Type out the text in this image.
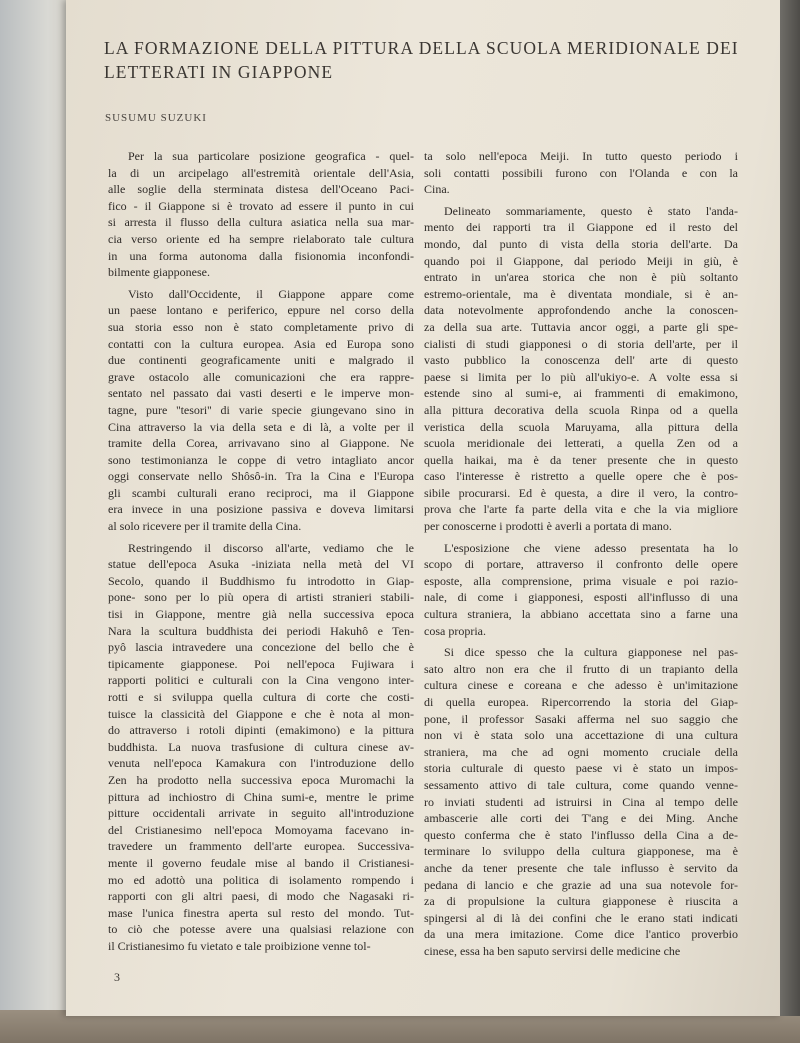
LA FORMAZIONE DELLA PITTURA DELLA SCUOLA MERIDIONALE DEI
LETTERATI IN GIAPPONE
SUSUMU SUZUKI
Per la sua particolare posizione geografica - quel-
la di un arcipelago all'estremità orientale dell'Asia,
alle soglie della sterminata distesa dell'Oceano Paci-
fico - il Giappone si è trovato ad essere il punto in cui
si arresta il flusso della cultura asiatica nella sua mar-
cia verso oriente ed ha sempre rielaborato tale cultura
in una forma autonoma dalla fisionomia inconfondi-
bilmente giapponese.
Visto dall'Occidente, il Giappone appare come
un paese lontano e periferico, eppure nel corso della
sua storia esso non è stato completamente privo di
contatti con la cultura europea. Asia ed Europa sono
due continenti geograficamente uniti e malgrado il
grave ostacolo alle comunicazioni che era rappre-
sentato nel passato dai vasti deserti e le imperve mon-
tagne, pure ''tesori'' di varie specie giungevano sino in
Cina attraverso la via della seta e di là, a volte per il
tramite della Corea, arrivavano sino al Giappone. Ne
sono testimonianza le coppe di vetro intagliato ancor
oggi conservate nello Shôsô-in. Tra la Cina e l'Europa
gli scambi culturali erano reciproci, ma il Giappone
era invece in una posizione passiva e doveva limitarsi
al solo ricevere per il tramite della Cina.
Restringendo il discorso all'arte, vediamo che le
statue dell'epoca Asuka -iniziata nella metà del VI
Secolo, quando il Buddhismo fu introdotto in Giap-
pone- sono per lo più opera di artisti stranieri stabili-
tisi in Giappone, mentre già nella successiva epoca
Nara la scultura buddhista dei periodi Hakuhô e Ten-
pyô lascia intravedere una concezione del bello che è
tipicamente giapponese. Poi nell'epoca Fujiwara i
rapporti politici e culturali con la Cina vengono inter-
rotti e si sviluppa quella cultura di corte che costi-
tuisce la classicità del Giappone e che è nota al mon-
do attraverso i rotoli dipinti (emakimono) e la pittura
buddhista. La nuova trasfusione di cultura cinese av-
venuta nell'epoca Kamakura con l'introduzione dello
Zen ha prodotto nella successiva epoca Muromachi la
pittura ad inchiostro di China sumi-e, mentre le prime
pitture occidentali arrivate in seguito all'introduzione
del Cristianesimo nell'epoca Momoyama facevano in-
travedere un frammento dell'arte europea. Successiva-
mente il governo feudale mise al bando il Cristianesi-
mo ed adottò una politica di isolamento rompendo i
rapporti con gli altri paesi, di modo che Nagasaki ri-
mase l'unica finestra aperta sul resto del mondo. Tut-
to ciò che potesse avere una qualsiasi relazione con
il Cristianesimo fu vietato e tale proibizione venne tol-
ta solo nell'epoca Meiji. In tutto questo periodo i
soli contatti possibili furono con l'Olanda e con la
Cina.
Delineato sommariamente, questo è stato l'anda-
mento dei rapporti tra il Giappone ed il resto del
mondo, dal punto di vista della storia dell'arte. Da
quando poi il Giappone, dal periodo Meiji in giù, è
entrato in un'area storica che non è più soltanto
estremo-orientale, ma è diventata mondiale, si è an-
data notevolmente approfondendo anche la conoscen-
za della sua arte. Tuttavia ancor oggi, a parte gli spe-
cialisti di studi giapponesi o di storia dell'arte, per il
vasto pubblico la conoscenza dell' arte di questo
paese si limita per lo più all'ukiyo-e. A volte essa si
estende sino al sumi-e, ai frammenti di emakimono,
alla pittura decorativa della scuola Rinpa od a quella
veristica della scuola Maruyama, alla pittura della
scuola meridionale dei letterati, a quella Zen od a
quella haikai, ma è da tener presente che in questo
caso l'interesse è ristretto a quelle opere che è pos-
sibile procurarsi. Ed è questa, a dire il vero, la contro-
prova che l'arte fa parte della vita e che la via migliore
per conoscerne i prodotti è averli a portata di mano.
L'esposizione che viene adesso presentata ha lo
scopo di portare, attraverso il confronto delle opere
esposte, alla comprensione, prima visuale e poi razio-
nale, di come i giapponesi, esposti all'influsso di una
cultura straniera, la abbiano accettata sino a farne una
cosa propria.
Si dice spesso che la cultura giapponese nel pas-
sato altro non era che il frutto di un trapianto della
cultura cinese e coreana e che adesso è un'imitazione
di quella europea. Ripercorrendo la storia del Giap-
pone, il professor Sasaki afferma nel suo saggio che
non vi è stata solo una accettazione di una cultura
straniera, ma che ad ogni momento cruciale della
storia culturale di questo paese vi è stato un impos-
sessamento attivo di tale cultura, come quando venne-
ro inviati studenti ad istruirsi in Cina al tempo delle
ambascerie alle corti dei T'ang e dei Ming. Anche
questo conferma che è stato l'influsso della Cina a de-
terminare lo sviluppo della cultura giapponese, ma è
anche da tener presente che tale influsso è servito da
pedana di lancio e che grazie ad una sua notevole for-
za di propulsione la cultura giapponese è riuscita a
spingersi al di là dei confini che le erano stati indicati
da una mera imitazione. Come dice l'antico proverbio
cinese, essa ha ben saputo servirsi delle medicine che
3
